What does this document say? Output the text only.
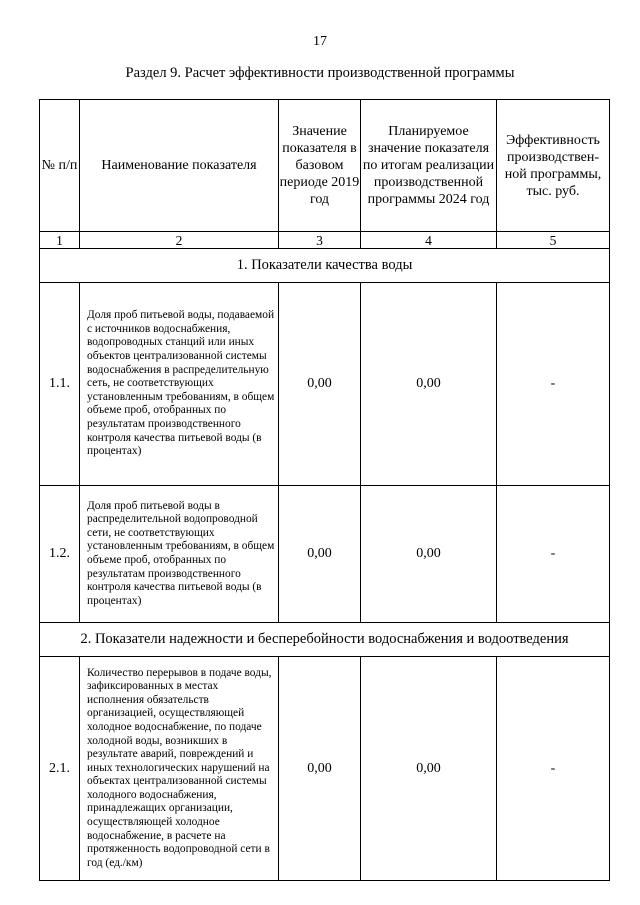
17
Раздел 9. Расчет эффективности производственной программы
№ п/п	Наименование показателя	Значение показателя в базовом периоде 2019 год	Планируемое значение показателя по итогам реализации производственной программы 2024 год	Эффективность производствен-ной программы, тыс. руб.
1	2	3	4	5
1. Показатели качества воды				
1.1.	Доля проб питьевой воды, подаваемой с источников водоснабжения, водопроводных станций или иных объектов централизованной системы водоснабжения в распределительную сеть, не соответствующих установленным требованиям, в общем объеме проб, отобранных по результатам производственного контроля качества питьевой воды (в процентах)	0,00	0,00	-
1.2.	Доля проб питьевой воды в распределительной водопроводной сети, не соответствующих установленным требованиям, в общем объеме проб, отобранных по результатам производственного контроля качества питьевой воды (в процентах)	0,00	0,00	-
2. Показатели надежности и бесперебойности водоснабжения и водоотведения				
2.1.	Количество перерывов в подаче воды, зафиксированных в местах исполнения обязательств организацией, осуществляющей холодное водоснабжение, по подаче холодной воды, возникших в результате аварий, повреждений и иных технологических нарушений на объектах централизованной системы холодного водоснабжения, принадлежащих организации, осуществляющей холодное водоснабжение, в расчете на протяженность водопроводной сети в год (ед./км)	0,00	0,00	-
